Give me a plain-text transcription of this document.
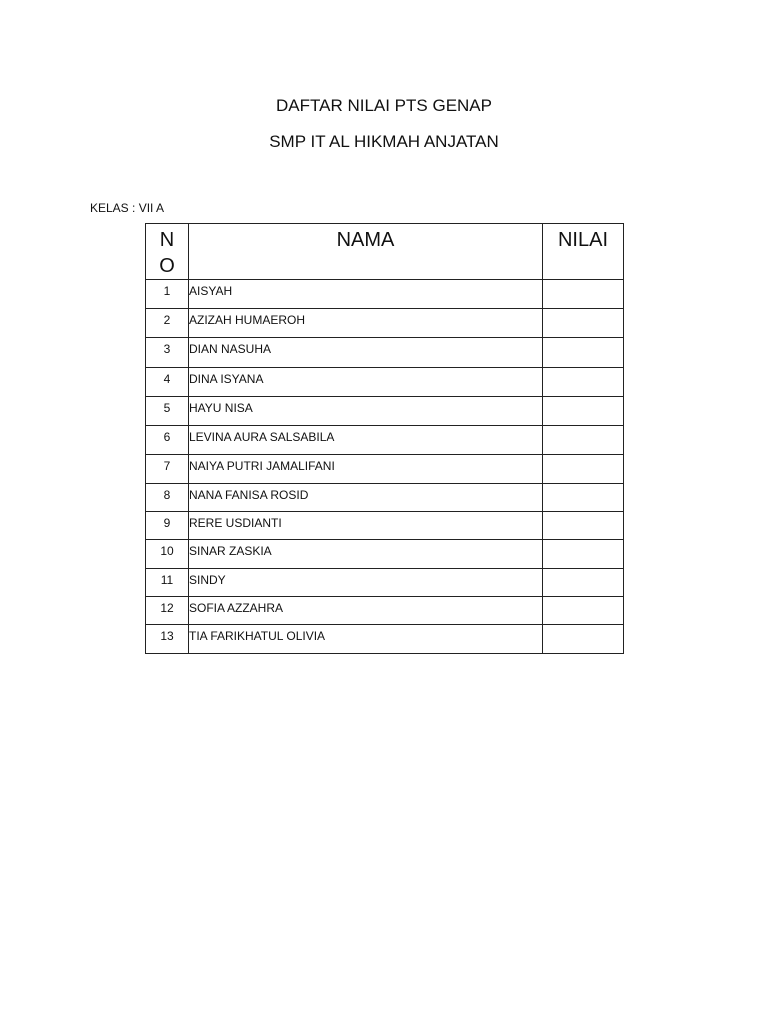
DAFTAR NILAI PTS GENAP
SMP IT AL HIKMAH ANJATAN
KELAS : VII A
NO	NAMA	NILAI
1	AISYAH	
2	AZIZAH HUMAEROH	
3	DIAN NASUHA	
4	DINA ISYANA	
5	HAYU NISA	
6	LEVINA AURA SALSABILA	
7	NAIYA PUTRI JAMALIFANI	
8	NANA FANISA ROSID	
9	RERE USDIANTI	
10	SINAR ZASKIA	
11	SINDY	
12	SOFIA AZZAHRA	
13	TIA FARIKHATUL OLIVIA	
